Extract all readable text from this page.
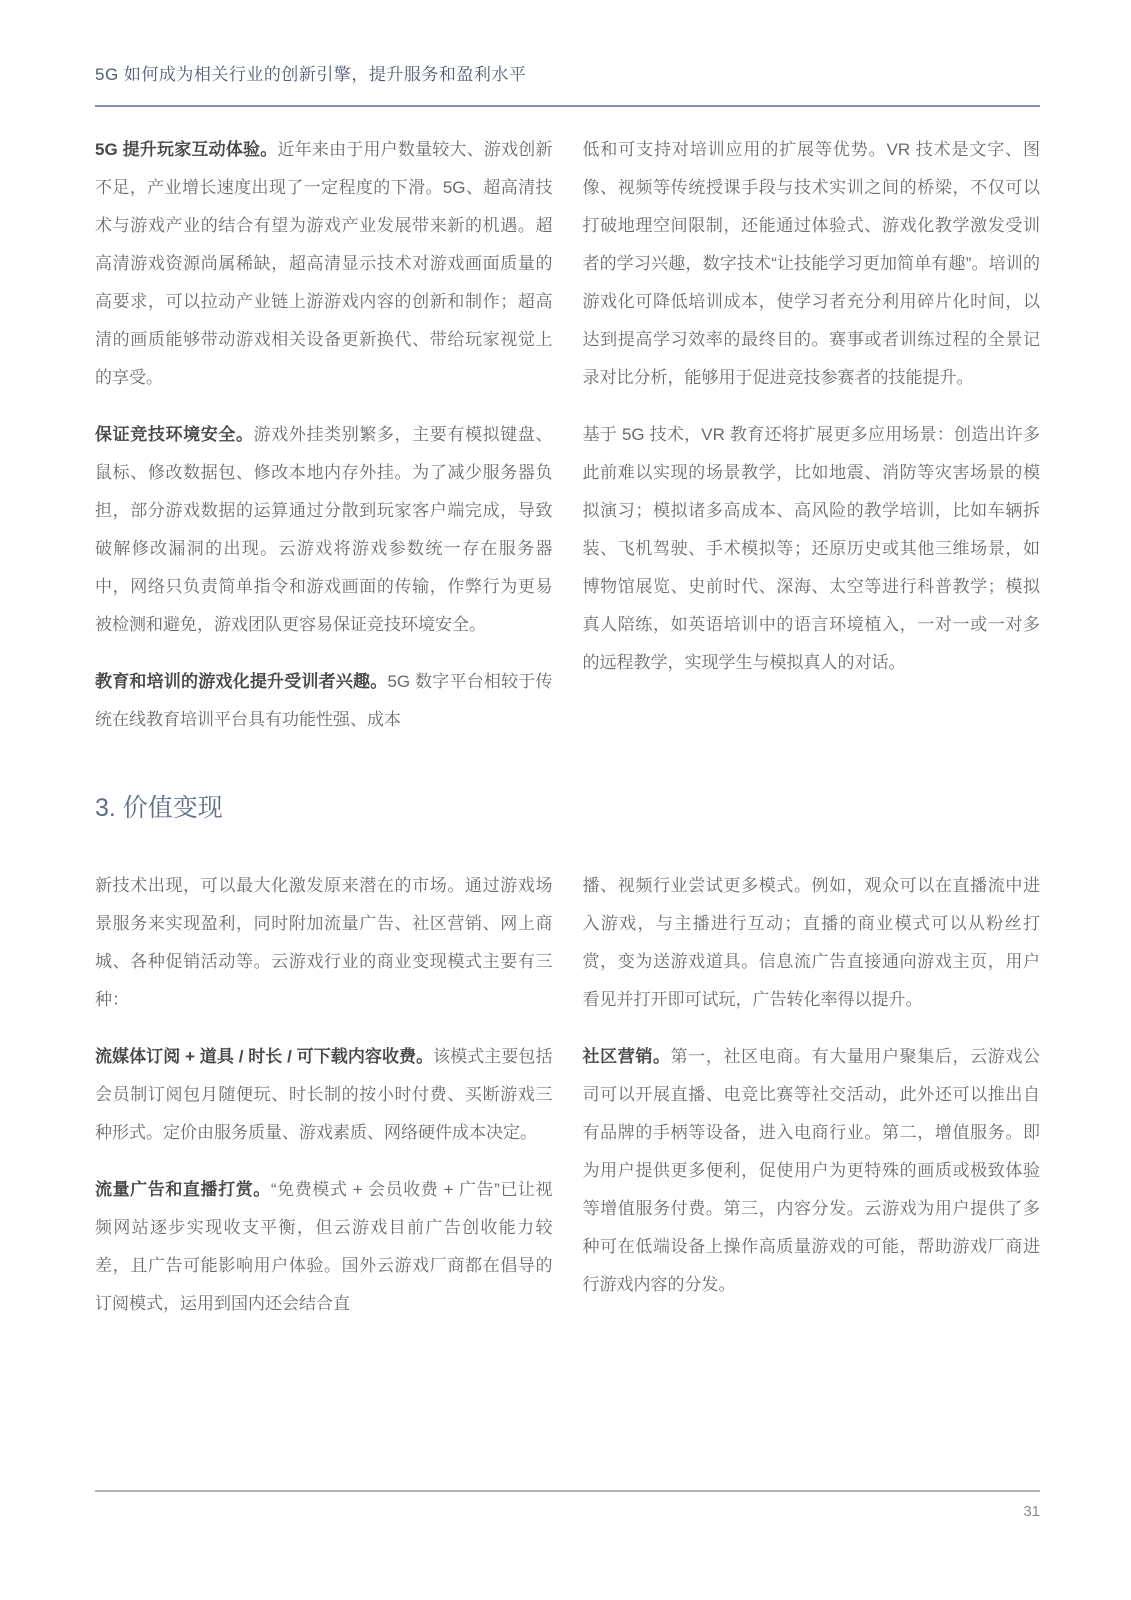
5G 如何成为相关行业的创新引擎，提升服务和盈利水平

5G 提升玩家互动体验。近年来由于用户数量较大、游戏创新不足，产业增长速度出现了一定程度的下滑。5G、超高清技术与游戏产业的结合有望为游戏产业发展带来新的机遇。超高清游戏资源尚属稀缺，超高清显示技术对游戏画面质量的高要求，可以拉动产业链上游游戏内容的创新和制作；超高清的画质能够带动游戏相关设备更新换代、带给玩家视觉上的享受。

保证竞技环境安全。游戏外挂类别繁多，主要有模拟键盘、鼠标、修改数据包、修改本地内存外挂。为了减少服务器负担，部分游戏数据的运算通过分散到玩家客户端完成，导致破解修改漏洞的出现。云游戏将游戏参数统一存在服务器中，网络只负责简单指令和游戏画面的传输，作弊行为更易被检测和避免，游戏团队更容易保证竞技环境安全。

教育和培训的游戏化提升受训者兴趣。5G 数字平台相较于传统在线教育培训平台具有功能性强、成本

低和可支持对培训应用的扩展等优势。VR 技术是文字、图像、视频等传统授课手段与技术实训之间的桥梁，不仅可以打破地理空间限制，还能通过体验式、游戏化教学激发受训者的学习兴趣，数字技术“让技能学习更加简单有趣”。培训的游戏化可降低培训成本，使学习者充分利用碎片化时间，以达到提高学习效率的最终目的。赛事或者训练过程的全景记录对比分析，能够用于促进竞技参赛者的技能提升。

基于 5G 技术，VR 教育还将扩展更多应用场景：创造出许多此前难以实现的场景教学，比如地震、消防等灾害场景的模拟演习；模拟诸多高成本、高风险的教学培训，比如车辆拆装、飞机驾驶、手术模拟等；还原历史或其他三维场景，如博物馆展览、史前时代、深海、太空等进行科普教学；模拟真人陪练，如英语培训中的语言环境植入，一对一或一对多的远程教学，实现学生与模拟真人的对话。

3. 价值变现

新技术出现，可以最大化激发原来潜在的市场。通过游戏场景服务来实现盈利，同时附加流量广告、社区营销、网上商城、各种促销活动等。云游戏行业的商业变现模式主要有三种：

流媒体订阅 + 道具 / 时长 / 可下载内容收费。该模式主要包括会员制订阅包月随便玩、时长制的按小时付费、买断游戏三种形式。定价由服务质量、游戏素质、网络硬件成本决定。

流量广告和直播打赏。“免费模式 + 会员收费 + 广告”已让视频网站逐步实现收支平衡，但云游戏目前广告创收能力较差，且广告可能影响用户体验。国外云游戏厂商都在倡导的订阅模式，运用到国内还会结合直

播、视频行业尝试更多模式。例如，观众可以在直播流中进入游戏，与主播进行互动；直播的商业模式可以从粉丝打赏，变为送游戏道具。信息流广告直接通向游戏主页，用户看见并打开即可试玩，广告转化率得以提升。

社区营销。第一，社区电商。有大量用户聚集后，云游戏公司可以开展直播、电竞比赛等社交活动，此外还可以推出自有品牌的手柄等设备，进入电商行业。第二，增值服务。即为用户提供更多便利，促使用户为更特殊的画质或极致体验等增值服务付费。第三，内容分发。云游戏为用户提供了多种可在低端设备上操作高质量游戏的可能，帮助游戏厂商进行游戏内容的分发。

31
